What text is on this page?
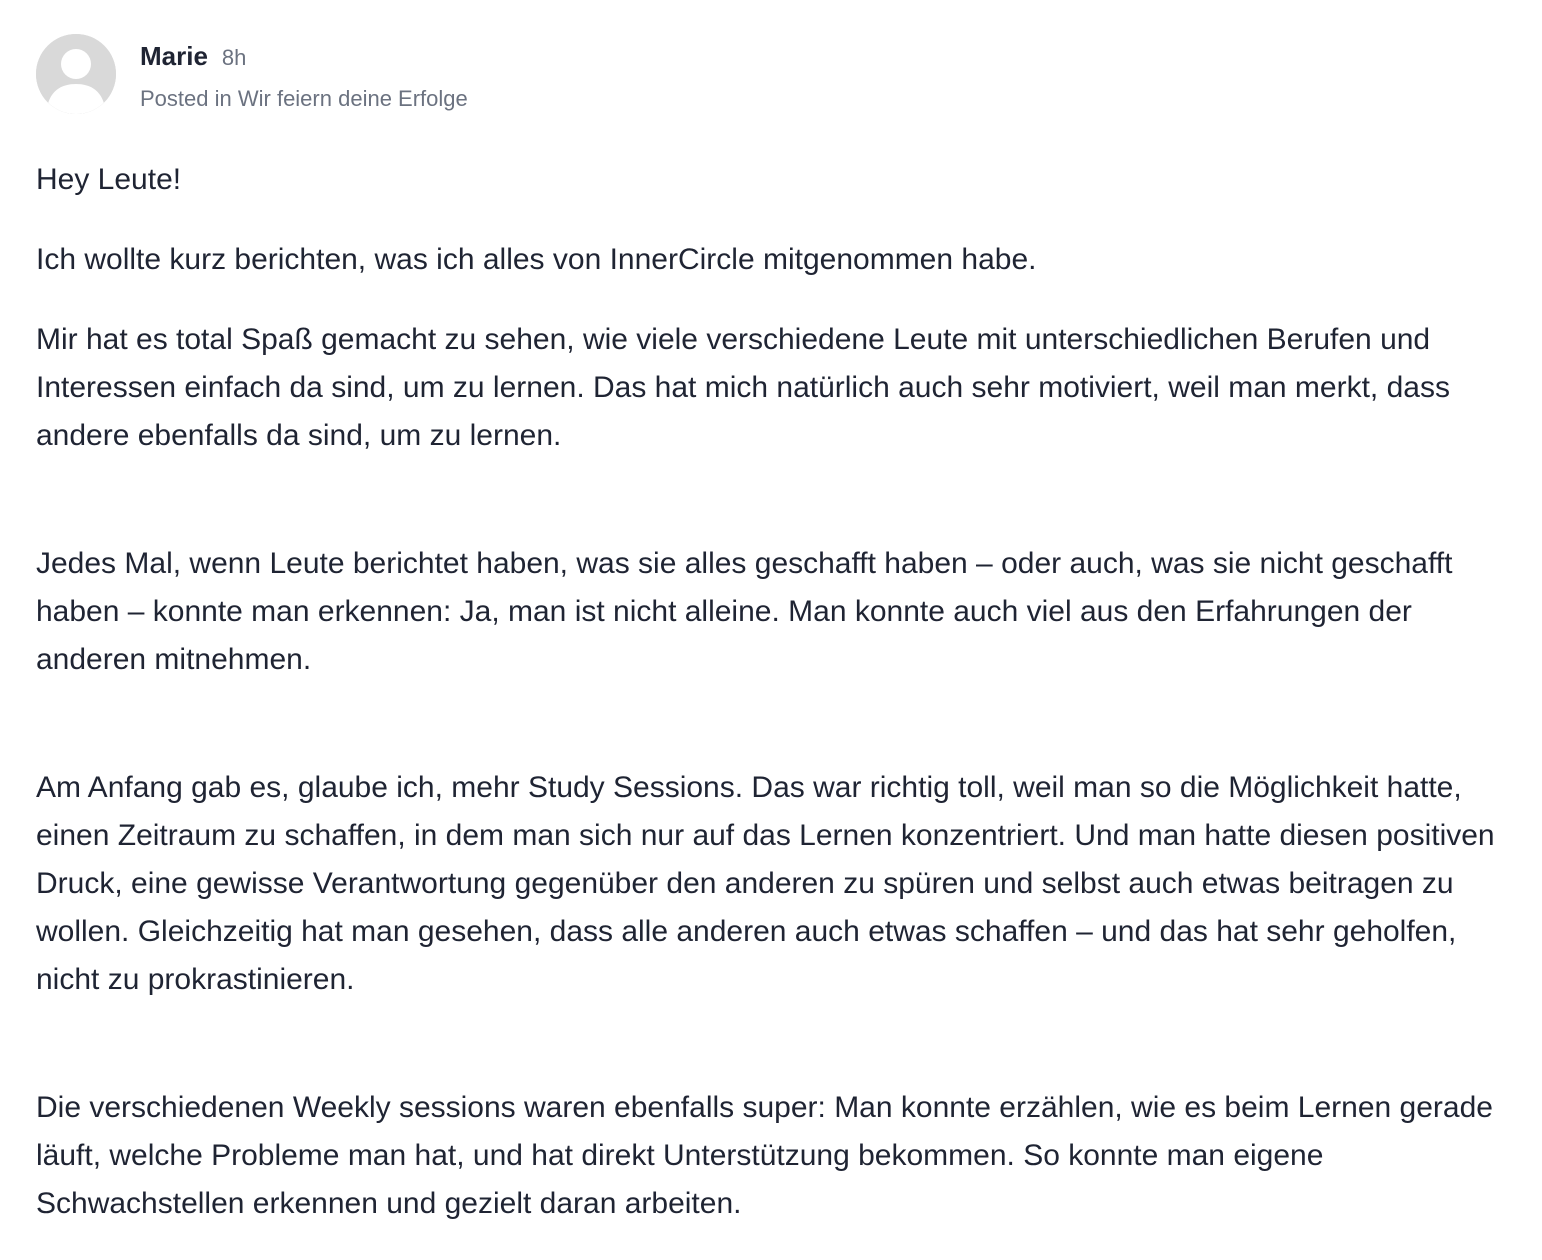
Marie 8h
Posted in Wir feiern deine Erfolge

Hey Leute!

Ich wollte kurz berichten, was ich alles von InnerCircle mitgenommen habe.

Mir hat es total Spaß gemacht zu sehen, wie viele verschiedene Leute mit unterschiedlichen Berufen und Interessen einfach da sind, um zu lernen. Das hat mich natürlich auch sehr motiviert, weil man merkt, dass andere ebenfalls da sind, um zu lernen.

Jedes Mal, wenn Leute berichtet haben, was sie alles geschafft haben – oder auch, was sie nicht geschafft haben – konnte man erkennen: Ja, man ist nicht alleine. Man konnte auch viel aus den Erfahrungen der anderen mitnehmen.

Am Anfang gab es, glaube ich, mehr Study Sessions. Das war richtig toll, weil man so die Möglichkeit hatte, einen Zeitraum zu schaffen, in dem man sich nur auf das Lernen konzentriert. Und man hatte diesen positiven Druck, eine gewisse Verantwortung gegenüber den anderen zu spüren und selbst auch etwas beitragen zu wollen. Gleichzeitig hat man gesehen, dass alle anderen auch etwas schaffen – und das hat sehr geholfen, nicht zu prokrastinieren.

Die verschiedenen Weekly sessions waren ebenfalls super: Man konnte erzählen, wie es beim Lernen gerade läuft, welche Probleme man hat, und hat direkt Unterstützung bekommen. So konnte man eigene Schwachstellen erkennen und gezielt daran arbeiten.
